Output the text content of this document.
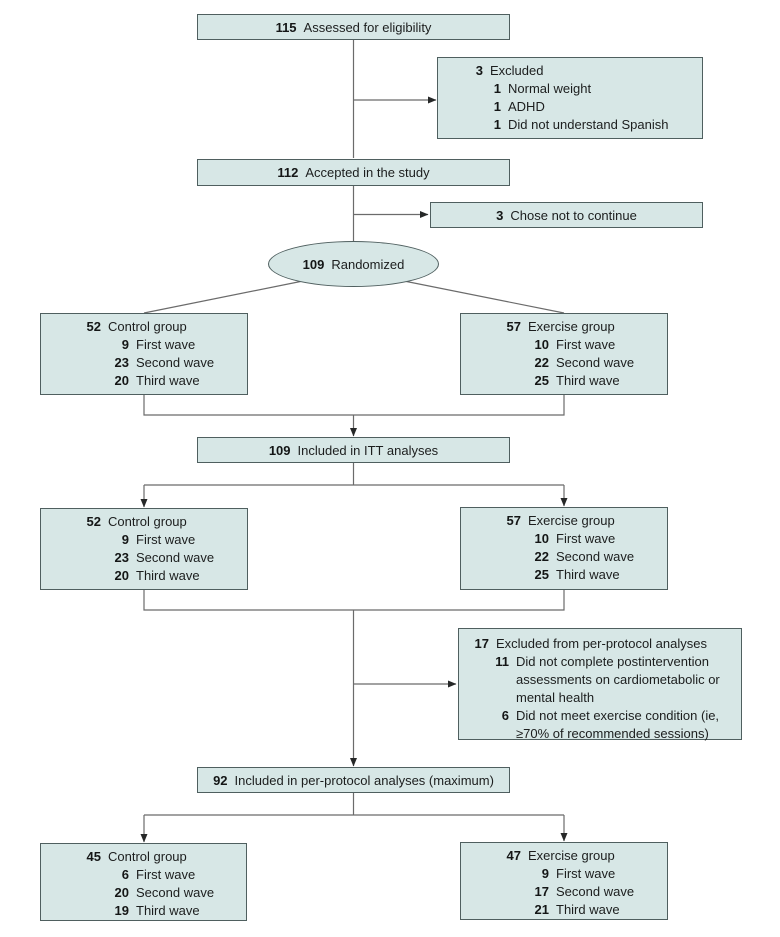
115 Assessed for eligibility
3 Excluded
1 Normal weight
1 ADHD
1 Did not understand Spanish
112 Accepted in the study
3 Chose not to continue
109 Randomized
52 Control group
9 First wave
23 Second wave
20 Third wave
57 Exercise group
10 First wave
22 Second wave
25 Third wave
109 Included in ITT analyses
52 Control group
9 First wave
23 Second wave
20 Third wave
57 Exercise group
10 First wave
22 Second wave
25 Third wave
17 Excluded from per-protocol analyses
11 Did not complete postintervention assessments on cardiometabolic or mental health
6 Did not meet exercise condition (ie, ≥70% of recommended sessions)
92 Included in per-protocol analyses (maximum)
45 Control group
6 First wave
20 Second wave
19 Third wave
47 Exercise group
9 First wave
17 Second wave
21 Third wave
